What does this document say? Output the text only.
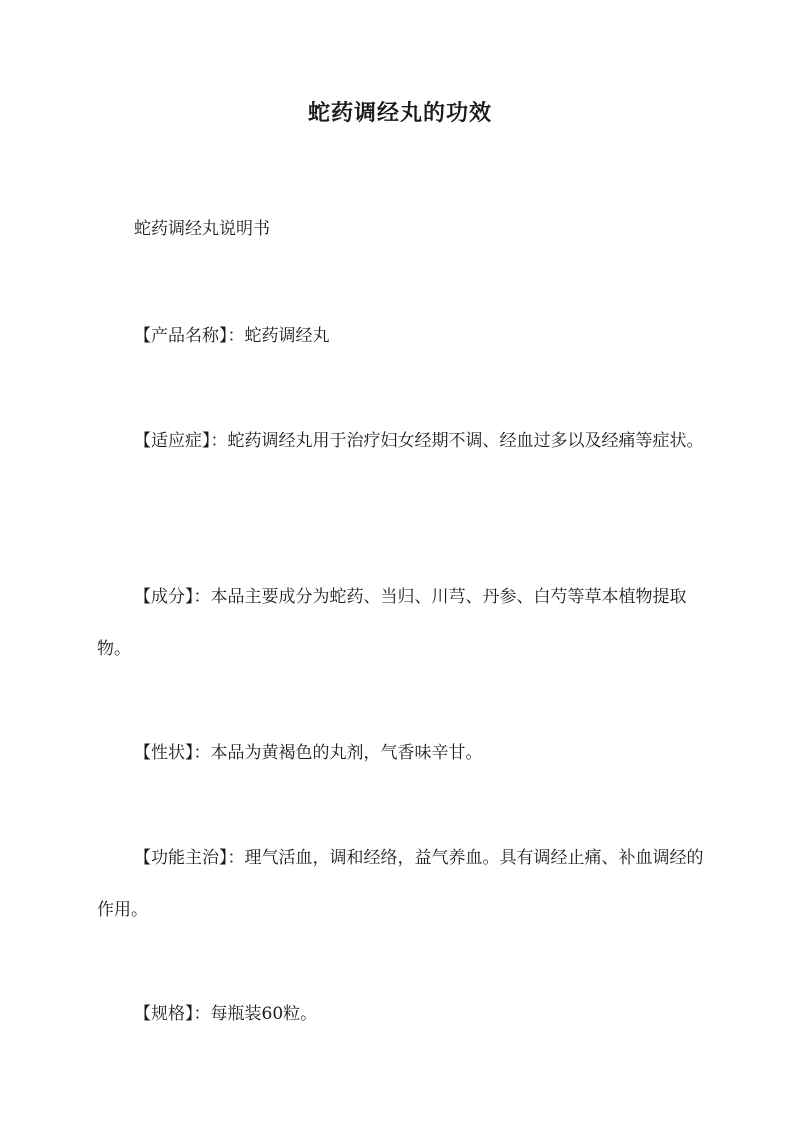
蛇药调经丸的功效
蛇药调经丸说明书
【产品名称】：蛇药调经丸
【适应症】：蛇药调经丸用于治疗妇女经期不调、经血过多以及经痛等症状。
【成分】：本品主要成分为蛇药、当归、川芎、丹参、白芍等草本植物提取物。
【性状】：本品为黄褐色的丸剂，气香味辛甘。
【功能主治】：理气活血，调和经络，益气养血。具有调经止痛、补血调经的作用。
【规格】：每瓶装60粒。
